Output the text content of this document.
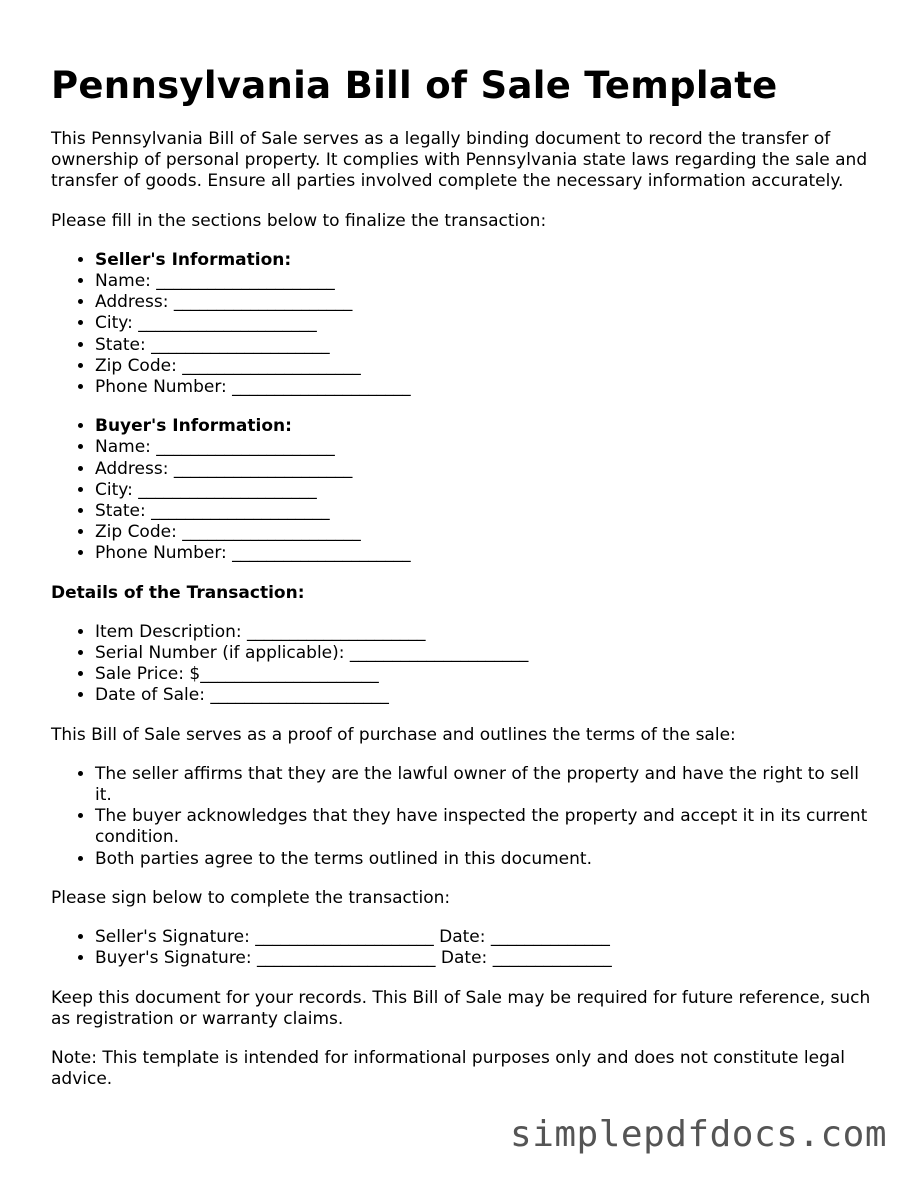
Pennsylvania Bill of Sale Template

This Pennsylvania Bill of Sale serves as a legally binding document to record the transfer of ownership of personal property. It complies with Pennsylvania state laws regarding the sale and transfer of goods. Ensure all parties involved complete the necessary information accurately.

Please fill in the sections below to finalize the transaction:

• Seller's Information:
• Name: _____________________
• Address: _____________________
• City: _____________________
• State: _____________________
• Zip Code: _____________________
• Phone Number: _____________________
• Buyer's Information:
• Name: _____________________
• Address: _____________________
• City: _____________________
• State: _____________________
• Zip Code: _____________________
• Phone Number: _____________________
Details of the Transaction:
• Item Description: _____________________
• Serial Number (if applicable): _____________________
• Sale Price: $_____________________
• Date of Sale: _____________________

This Bill of Sale serves as a proof of purchase and outlines the terms of the sale:

• The seller affirms that they are the lawful owner of the property and have the right to sell it.
• The buyer acknowledges that they have inspected the property and accept it in its current condition.
• Both parties agree to the terms outlined in this document.

Please sign below to complete the transaction:

• Seller's Signature: _____________________ Date: ______________
• Buyer's Signature: _____________________ Date: ______________

Keep this document for your records. This Bill of Sale may be required for future reference, such as registration or warranty claims.

Note: This template is intended for informational purposes only and does not constitute legal advice.

simplepdfdocs.com
